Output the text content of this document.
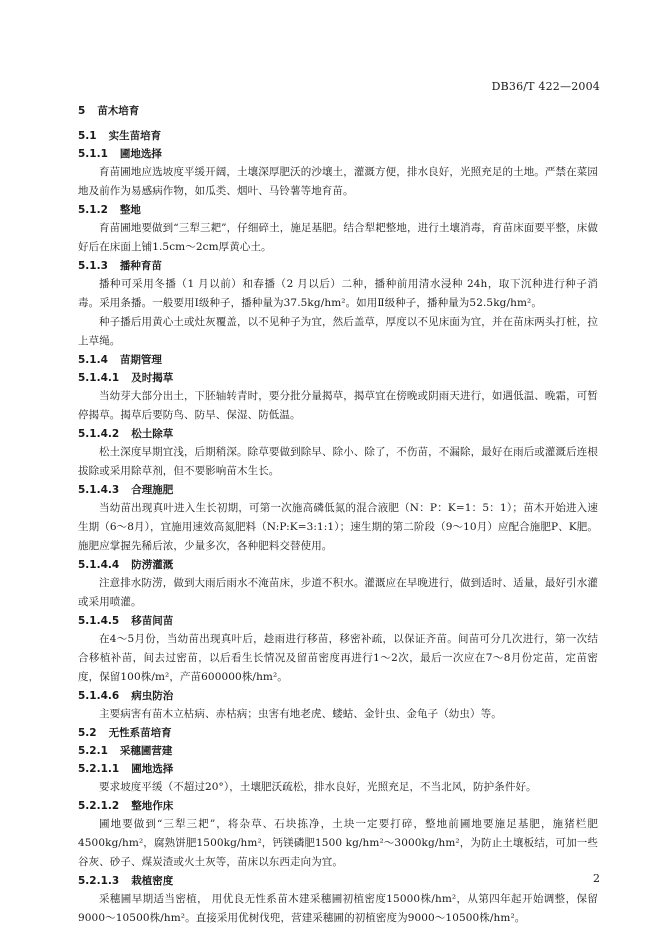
DB36/T 422—2004
5 苗木培育
5.1 实生苗培育
5.1.1 圃地选择

育苗圃地应选坡度平缓开阔，土壤深厚肥沃的沙壤土，灌溉方便，排水良好，光照充足的土地。严禁在菜园地及前作为易感病作物，如瓜类、烟叶、马铃薯等地育苗。

5.1.2 整地

育苗圃地要做到“三犁三耙”，仔细碎土，施足基肥。结合犁耙整地，进行土壤消毒，育苗床面要平整，床做好后在床面上铺1.5cm～2cm厚黄心土。

5.1.3 播种育苗

播种可采用冬播（1 月以前）和春播（2 月以后）二种，播种前用清水浸种 24h，取下沉种进行种子消毒。采用条播。一般要用Ⅰ级种子，播种量为37.5kg/hm²。如用Ⅱ级种子，播种量为52.5kg/hm²。

种子播后用黄心土或灶灰覆盖，以不见种子为宜，然后盖草，厚度以不见床面为宜，并在苗床两头打桩，拉上草绳。

5.1.4 苗期管理
5.1.4.1 及时揭草

当幼芽大部分出土，下胚轴转青时，要分批分量揭草，揭草宜在傍晚或阴雨天进行，如遇低温、晚霜，可暂停揭草。揭草后要防鸟、防旱、保湿、防低温。

5.1.4.2 松土除草

松土深度早期宜浅，后期稍深。除草要做到除早、除小、除了，不伤苗，不漏除，最好在雨后或灌溉后连根拔除或采用除草剂，但不要影响苗木生长。

5.1.4.3 合理施肥

当幼苗出现真叶进入生长初期，可第一次施高磷低氮的混合液肥（N：P：K=1：5：1）；苗木开始进入速生期（6～8月），宜施用速效高氮肥料（N:P:K=3:1:1）；速生期的第二阶段（9～10月）应配合施肥P、K肥。施肥应掌握先稀后浓，少量多次，各种肥料交替使用。

5.1.4.4 防涝灌溉

注意排水防涝，做到大雨后雨水不淹苗床，步道不积水。灌溉应在早晚进行，做到适时、适量，最好引水灌或采用喷灌。

5.1.4.5 移苗间苗

在4～5月份，当幼苗出现真叶后，趁雨进行移苗，移密补疏，以保证齐苗。间苗可分几次进行，第一次结合移植补苗，间去过密苗，以后看生长情况及留苗密度再进行1～2次，最后一次应在7～8月份定苗，定苗密度，保留100株/m²，产苗600000株/hm²。

5.1.4.6 病虫防治

主要病害有苗木立枯病、赤枯病；虫害有地老虎、蝼蛄、金针虫、金龟子（幼虫）等。

5.2 无性系苗培育
5.2.1 采穗圃营建
5.2.1.1 圃地选择

要求坡度平缓（不超过20°），土壤肥沃疏松，排水良好，光照充足，不当北风，防护条件好。

5.2.1.2 整地作床

圃地要做到“三犁三耙”，将杂草、石块拣净，土块一定要打碎，整地前圃地要施足基肥，施猪栏肥4500kg/hm²，腐熟饼肥1500kg/hm²，钙镁磷肥1500 kg/hm²～3000kg/hm²，为防止土壤板结，可加一些谷灰、砂子、煤炭渣或火土灰等，苗床以东西走向为宜。

5.2.1.3 栽植密度

采穗圃早期适当密植， 用优良无性系苗木建采穗圃初植密度15000株/hm²，从第四年起开始调整，保留9000～10500株/hm²。直接采用优树伐兜，营建采穗圃的初植密度为9000～10500株/hm²。

2
